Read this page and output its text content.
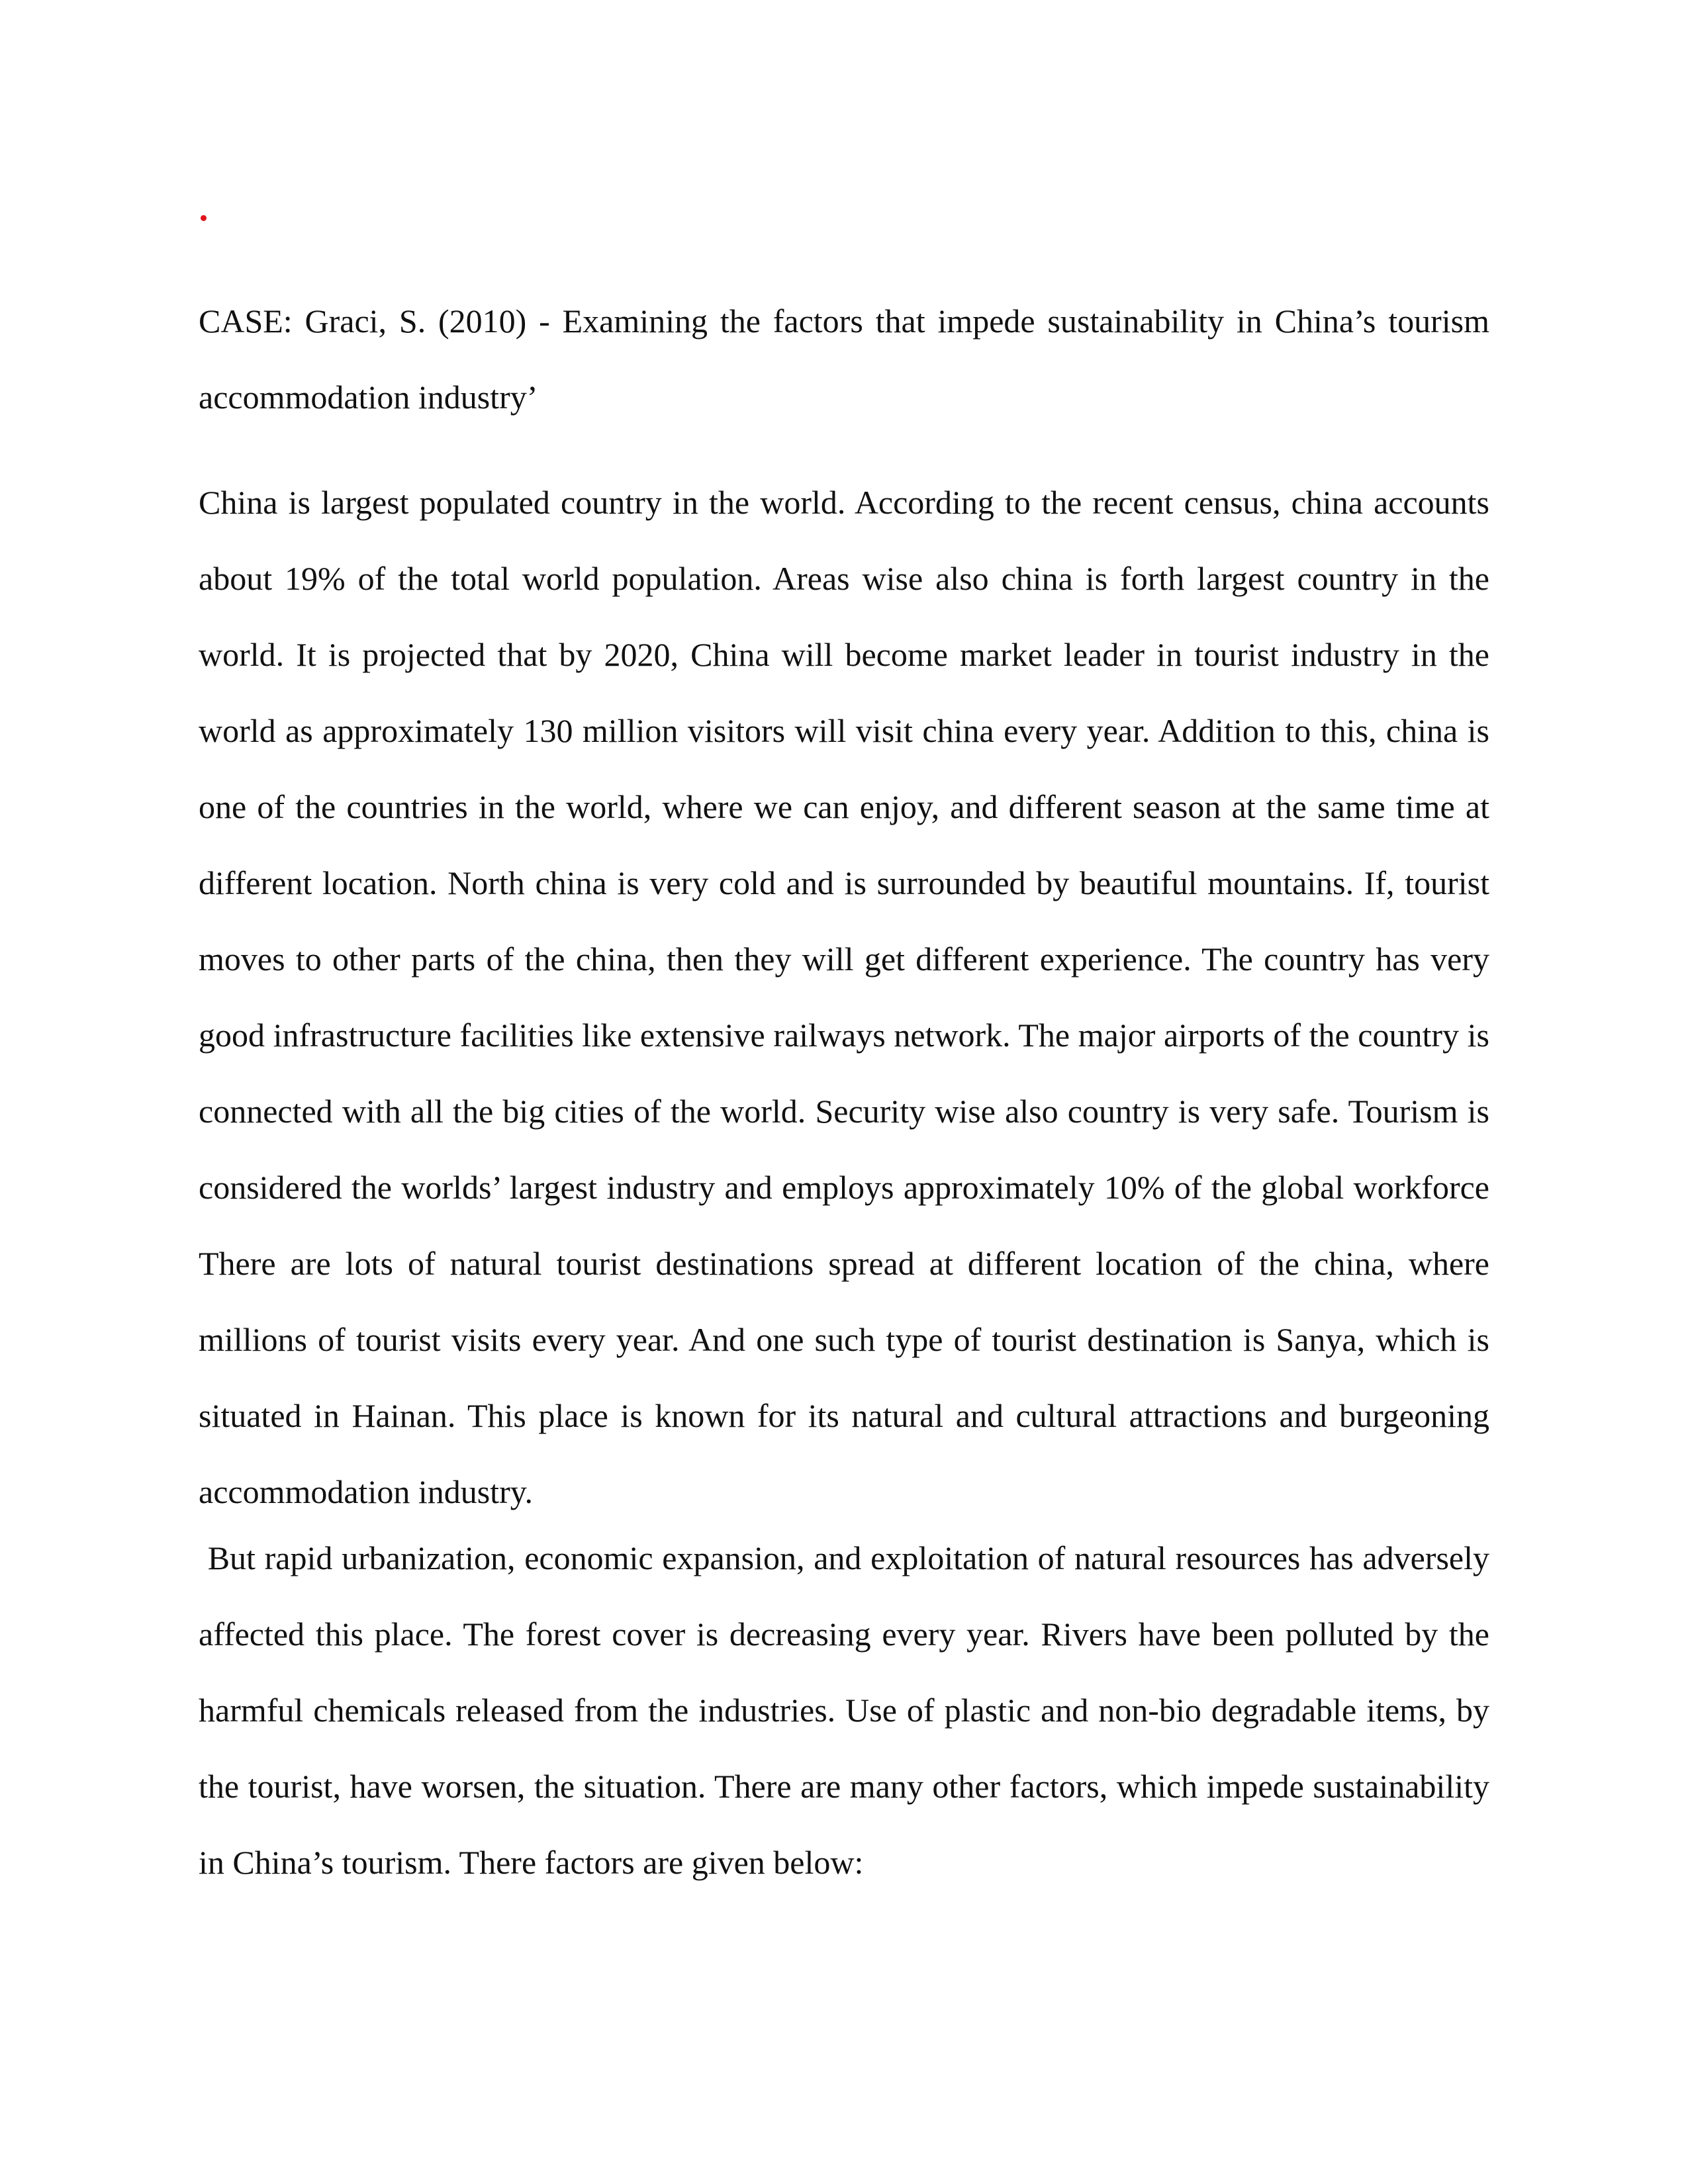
CASE: Graci, S. (2010) - Examining the factors that impede sustainability in China’s tourism
accommodation industry’
China is largest populated country in the world. According to the recent census, china accounts
about 19% of the total world population. Areas wise also china is forth largest country in the
world. It is projected that by 2020, China will become market leader in tourist industry in the
world as approximately 130 million visitors will visit china every year. Addition to this, china is
one of the countries in the world, where we can enjoy, and different season at the same time at
different location. North china is very cold and is surrounded by beautiful mountains. If, tourist
moves to other parts of the china, then they will get different experience. The country has very
good infrastructure facilities like extensive railways network. The major airports of the country is
connected with all the big cities of the world. Security wise also country is very safe. Tourism is
considered the worlds’ largest industry and employs approximately 10% of the global workforce
There are lots of natural tourist destinations spread at different location of the china, where
millions of tourist visits every year. And one such type of tourist destination is Sanya, which is
situated in Hainan. This place is known for its natural and cultural attractions and burgeoning
accommodation industry.
But rapid urbanization, economic expansion, and exploitation of natural resources has adversely
affected this place. The forest cover is decreasing every year. Rivers have been polluted by the
harmful chemicals released from the industries. Use of plastic and non-bio degradable items, by
the tourist, have worsen, the situation. There are many other factors, which impede sustainability
in China’s tourism. There factors are given below:
